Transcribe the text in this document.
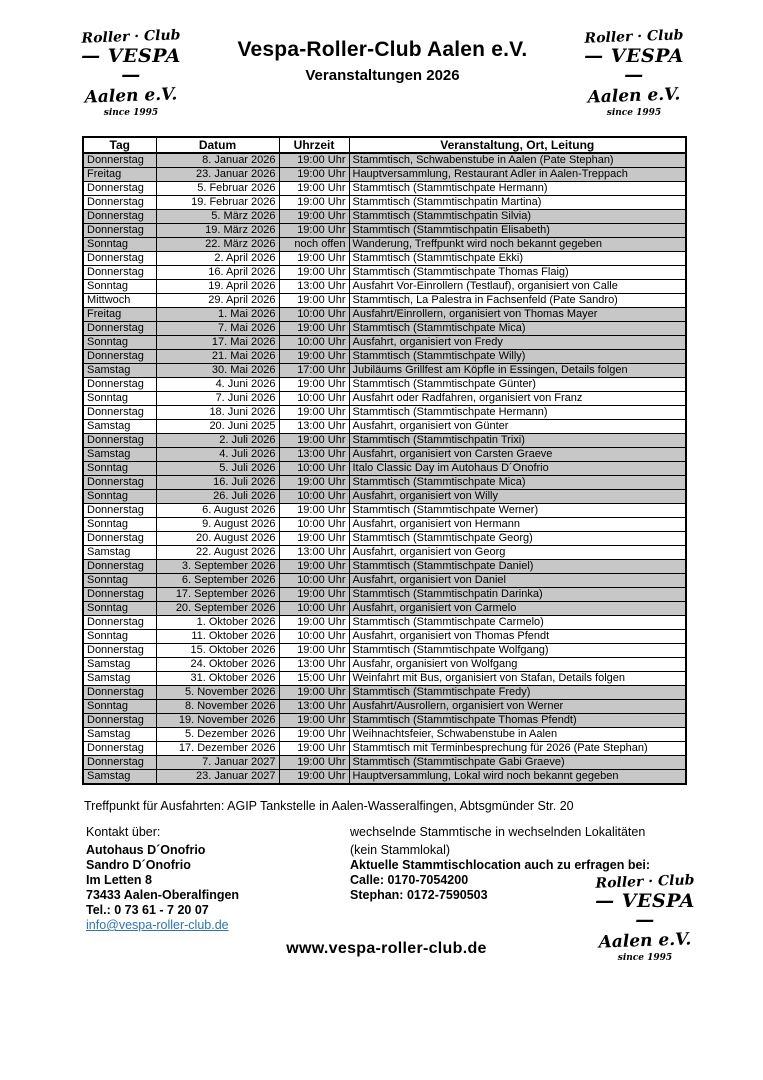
Roller · Club
— VESPA —
Aalen e.V.
since 1995
Vespa-Roller-Club Aalen e.V.
Veranstaltungen 2026
Roller · Club
— VESPA —
Aalen e.V.
since 1995
Tag	Datum	Uhrzeit	Veranstaltung, Ort, Leitung
Donnerstag	8. Januar 2026	19:00 Uhr	Stammtisch, Schwabenstube in Aalen (Pate Stephan)
Freitag	23. Januar 2026	19:00 Uhr	Hauptversammlung, Restaurant Adler in Aalen-Treppach
Donnerstag	5. Februar 2026	19:00 Uhr	Stammtisch (Stammtischpate Hermann)
Donnerstag	19. Februar 2026	19:00 Uhr	Stammtisch (Stammtischpatin Martina)
Donnerstag	5. März 2026	19:00 Uhr	Stammtisch (Stammtischpatin Silvia)
Donnerstag	19. März 2026	19:00 Uhr	Stammtisch (Stammtischpatin Elisabeth)
Sonntag	22. März 2026	noch offen	Wanderung, Treffpunkt wird noch bekannt gegeben
Donnerstag	2. April 2026	19:00 Uhr	Stammtisch (Stammtischpate Ekki)
Donnerstag	16. April 2026	19:00 Uhr	Stammtisch (Stammtischpate Thomas Flaig)
Sonntag	19. April 2026	13:00 Uhr	Ausfahrt Vor-Einrollern (Testlauf), organisiert von Calle
Mittwoch	29. April 2026	19:00 Uhr	Stammtisch, La Palestra in Fachsenfeld (Pate Sandro)
Freitag	1. Mai 2026	10:00 Uhr	Ausfahrt/Einrollern, organisiert von Thomas Mayer
Donnerstag	7. Mai 2026	19:00 Uhr	Stammtisch (Stammtischpate Mica)
Sonntag	17. Mai 2026	10:00 Uhr	Ausfahrt, organisiert von Fredy
Donnerstag	21. Mai 2026	19:00 Uhr	Stammtisch (Stammtischpate Willy)
Samstag	30. Mai 2026	17:00 Uhr	Jubiläums Grillfest am Köpfle in Essingen, Details folgen
Donnerstag	4. Juni 2026	19:00 Uhr	Stammtisch (Stammtischpate Günter)
Sonntag	7. Juni 2026	10:00 Uhr	Ausfahrt oder Radfahren, organisiert von Franz
Donnerstag	18. Juni 2026	19:00 Uhr	Stammtisch (Stammtischpate Hermann)
Samstag	20. Juni 2025	13:00 Uhr	Ausfahrt, organisiert von Günter
Donnerstag	2. Juli 2026	19:00 Uhr	Stammtisch (Stammtischpatin Trixi)
Samstag	4. Juli 2026	13:00 Uhr	Ausfahrt, organisiert von Carsten Graeve
Sonntag	5. Juli 2026	10:00 Uhr	Italo Classic Day im Autohaus D´Onofrio
Donnerstag	16. Juli 2026	19:00 Uhr	Stammtisch (Stammtischpate Mica)
Sonntag	26. Juli 2026	10:00 Uhr	Ausfahrt, organisiert von Willy
Donnerstag	6. August 2026	19:00 Uhr	Stammtisch (Stammtischpate Werner)
Sonntag	9. August 2026	10:00 Uhr	Ausfahrt, organisiert von Hermann
Donnerstag	20. August 2026	19:00 Uhr	Stammtisch (Stammtischpate Georg)
Samstag	22. August 2026	13:00 Uhr	Ausfahrt, organisiert von Georg
Donnerstag	3. September 2026	19:00 Uhr	Stammtisch (Stammtischpate Daniel)
Sonntag	6. September 2026	10:00 Uhr	Ausfahrt, organisiert von Daniel
Donnerstag	17. September 2026	19:00 Uhr	Stammtisch (Stammtischpatin Darinka)
Sonntag	20. September 2026	10:00 Uhr	Ausfahrt, organisiert von Carmelo
Donnerstag	1. Oktober 2026	19:00 Uhr	Stammtisch (Stammtischpate Carmelo)
Sonntag	11. Oktober 2026	10:00 Uhr	Ausfahrt, organisiert von Thomas Pfendt
Donnerstag	15. Oktober 2026	19:00 Uhr	Stammtisch (Stammtischpate Wolfgang)
Samstag	24. Oktober 2026	13:00 Uhr	Ausfahr, organisiert von Wolfgang
Samstag	31. Oktober 2026	15:00 Uhr	Weinfahrt mit Bus, organisiert von Stafan, Details folgen
Donnerstag	5. November 2026	19:00 Uhr	Stammtisch (Stammtischpate Fredy)
Sonntag	8. November 2026	13:00 Uhr	Ausfahrt/Ausrollern, organisiert von Werner
Donnerstag	19. November 2026	19:00 Uhr	Stammtisch (Stammtischpate Thomas Pfendt)
Samstag	5. Dezember 2026	19:00 Uhr	Weihnachtsfeier, Schwabenstube in Aalen
Donnerstag	17. Dezember 2026	19:00 Uhr	Stammtisch mit Terminbesprechung für 2026 (Pate Stephan)
Donnerstag	7. Januar 2027	19:00 Uhr	Stammtisch (Stammtischpate Gabi Graeve)
Samstag	23. Januar 2027	19:00 Uhr	Hauptversammlung, Lokal wird noch bekannt gegeben

Treffpunkt für Ausfahrten: AGIP Tankstelle in Aalen-Wasseralfingen, Abtsgmünder Str. 20

Kontakt über:

Autohaus D´Onofrio

Sandro D´Onofrio

Im Letten 8

73433 Aalen-Oberalfingen

Tel.: 0 73 61 - 7 20 07

info@vespa-roller-club.de

wechselnde Stammtische in wechselnden Lokalitäten

(kein Stammlokal)

Aktuelle Stammtischlocation auch zu erfragen bei:

Calle: 0170-7054200

Stephan: 0172-7590503

www.vespa-roller-club.de
Roller · Club
— VESPA —
Aalen e.V.
since 1995
